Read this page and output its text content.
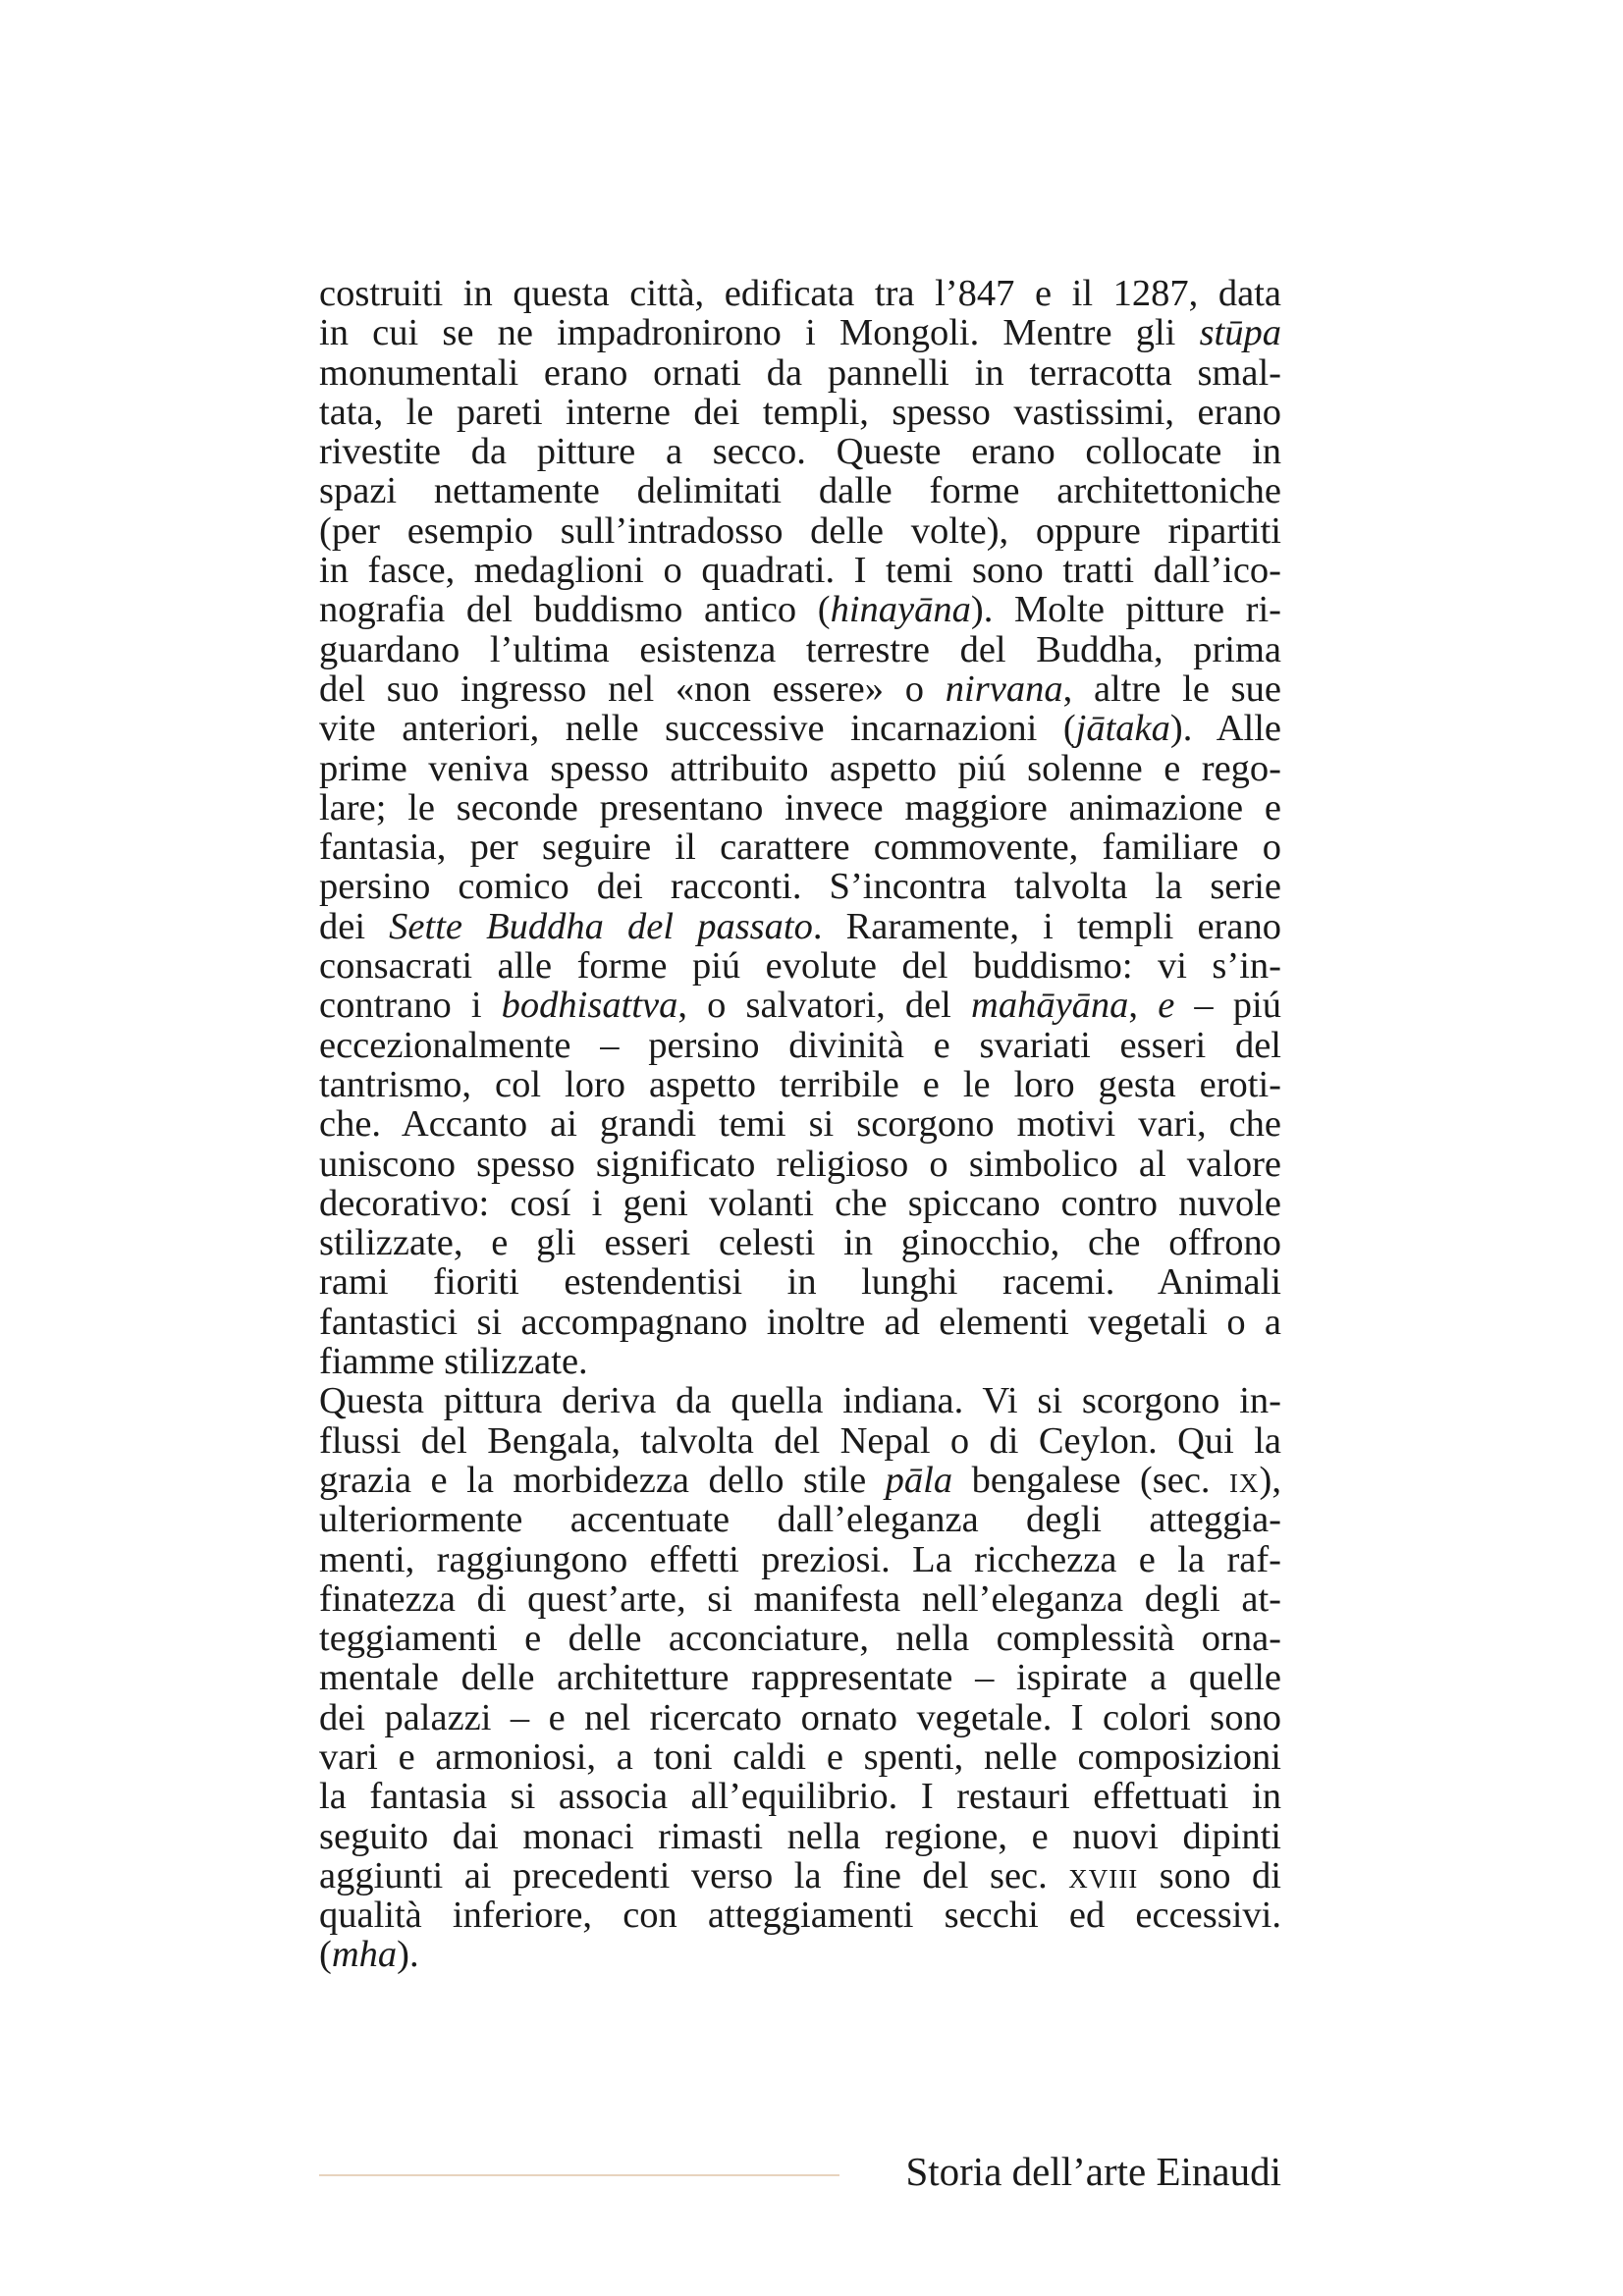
costruiti in questa città, edificata tra l’847 e il 1287, data
in cui se ne impadronirono i Mongoli. Mentre gli stūpa
monumentali erano ornati da pannelli in terracotta smal-
tata, le pareti interne dei templi, spesso vastissimi, erano
rivestite da pitture a secco. Queste erano collocate in
spazi nettamente delimitati dalle forme architettoniche
(per esempio sull’intradosso delle volte), oppure ripartiti
in fasce, medaglioni o quadrati. I temi sono tratti dall’ico-
nografia del buddismo antico (hinayāna). Molte pitture ri-
guardano l’ultima esistenza terrestre del Buddha, prima
del suo ingresso nel «non essere» o nirvana, altre le sue
vite anteriori, nelle successive incarnazioni (jātaka). Alle
prime veniva spesso attribuito aspetto piú solenne e rego-
lare; le seconde presentano invece maggiore animazione e
fantasia, per seguire il carattere commovente, familiare o
persino comico dei racconti. S’incontra talvolta la serie
dei Sette Buddha del passato. Raramente, i templi erano
consacrati alle forme piú evolute del buddismo: vi s’in-
contrano i bodhisattva, o salvatori, del mahāyāna, e – piú
eccezionalmente – persino divinità e svariati esseri del
tantrismo, col loro aspetto terribile e le loro gesta eroti-
che. Accanto ai grandi temi si scorgono motivi vari, che
uniscono spesso significato religioso o simbolico al valore
decorativo: cosí i geni volanti che spiccano contro nuvole
stilizzate, e gli esseri celesti in ginocchio, che offrono
rami fioriti estendentisi in lunghi racemi. Animali
fantastici si accompagnano inoltre ad elementi vegetali o a
fiamme stilizzate.
Questa pittura deriva da quella indiana. Vi si scorgono in-
flussi del Bengala, talvolta del Nepal o di Ceylon. Qui la
grazia e la morbidezza dello stile pāla bengalese (sec. ix),
ulteriormente accentuate dall’eleganza degli atteggia-
menti, raggiungono effetti preziosi. La ricchezza e la raf-
finatezza di quest’arte, si manifesta nell’eleganza degli at-
teggiamenti e delle acconciature, nella complessità orna-
mentale delle architetture rappresentate – ispirate a quelle
dei palazzi – e nel ricercato ornato vegetale. I colori sono
vari e armoniosi, a toni caldi e spenti, nelle composizioni
la fantasia si associa all’equilibrio. I restauri effettuati in
seguito dai monaci rimasti nella regione, e nuovi dipinti
aggiunti ai precedenti verso la fine del sec. xviii sono di
qualità inferiore, con atteggiamenti secchi ed eccessivi.
(mha).
Storia dell’arte Einaudi
